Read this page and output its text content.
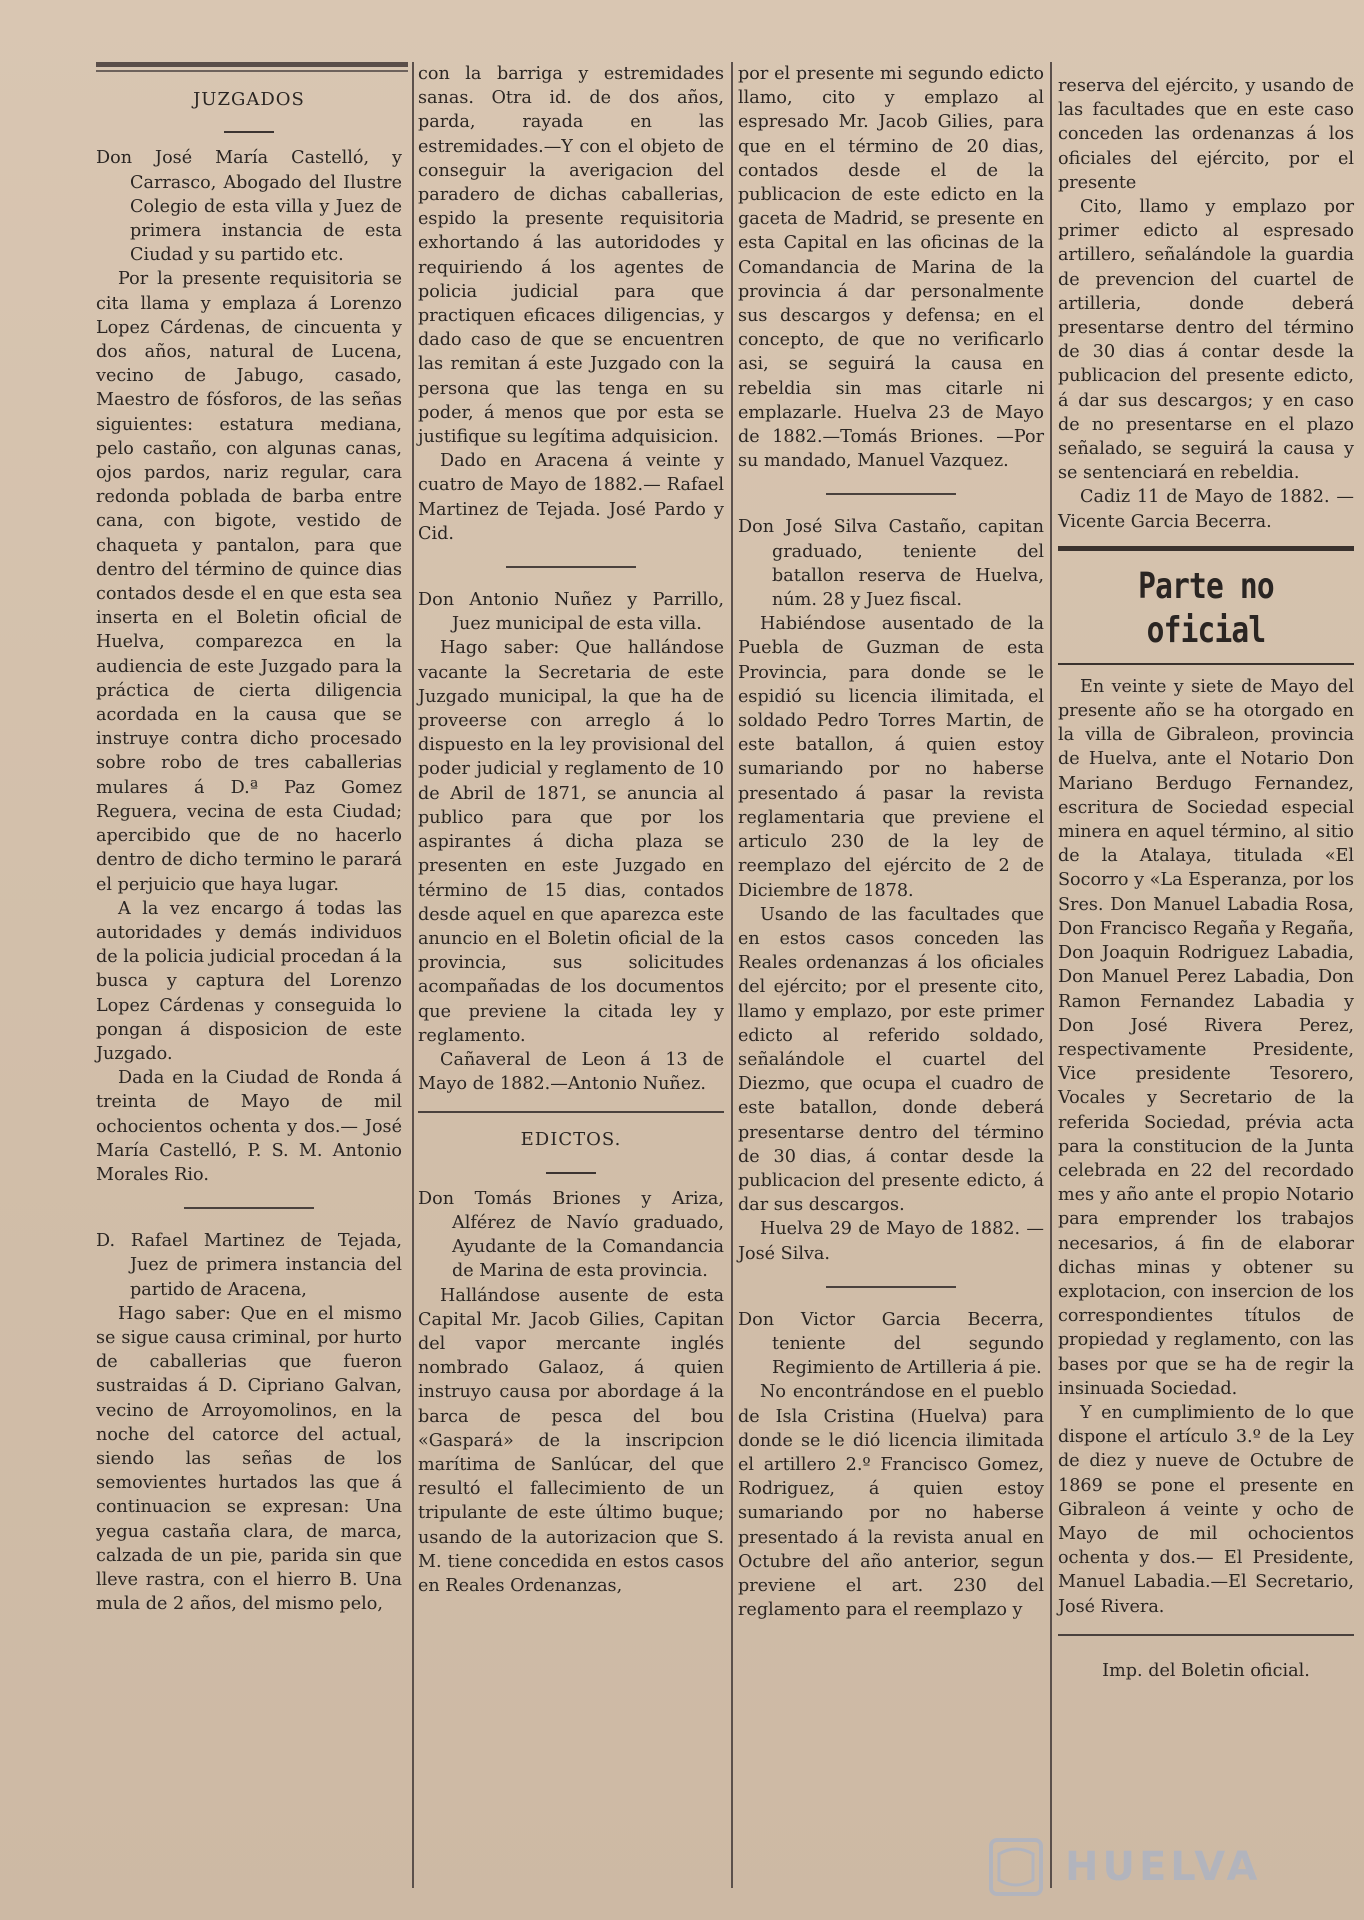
JUZGADOS

Don José María Castelló, y Carrasco, Abogado del Ilustre Colegio de esta villa y Juez de primera instancia de esta Ciudad y su partido etc.

Por la presente requisitoria se cita llama y emplaza á Lorenzo Lopez Cárdenas, de cincuenta y dos años, natural de Lucena, vecino de Jabugo, casado, Maestro de fósforos, de las señas siguientes: estatura mediana, pelo castaño, con algunas canas, ojos pardos, nariz regular, cara redonda poblada de barba entre cana, con bigote, vestido de chaqueta y pantalon, para que dentro del término de quince dias contados desde el en que esta sea inserta en el Boletin oficial de Huelva, comparezca en la audiencia de este Juzgado para la práctica de cierta diligencia acordada en la causa que se instruye contra dicho procesado sobre robo de tres caballerias mulares á D.ª Paz Gomez Reguera, vecina de esta Ciudad; apercibido que de no hacerlo dentro de dicho termino le parará el perjuicio que haya lugar.

A la vez encargo á todas las autoridades y demás individuos de la policia judicial procedan á la busca y captura del Lorenzo Lopez Cárdenas y conseguida lo pongan á disposicion de este Juzgado.

Dada en la Ciudad de Ronda á treinta de Mayo de mil ochocientos ochenta y dos.— José María Castelló, P. S. M. Antonio Morales Rio.

D. Rafael Martinez de Tejada, Juez de primera instancia del partido de Aracena,

Hago saber: Que en el mismo se sigue causa criminal, por hurto de caballerias que fueron sustraidas á D. Cipriano Galvan, vecino de Arroyomolinos, en la noche del catorce del actual, siendo las señas de los semovientes hurtados las que á continuacion se expresan: Una yegua castaña clara, de marca, calzada de un pie, parida sin que lleve rastra, con el hierro B. Una mula de 2 años, del mismo pelo,

con la barriga y estremidades sanas. Otra id. de dos años, parda, rayada en las estremidades.—Y con el objeto de conseguir la averigacion del paradero de dichas caballerias, espido la presente requisitoria exhortando á las autoridodes y requiriendo á los agentes de policia judicial para que practiquen eficaces diligencias, y dado caso de que se encuentren las remitan á este Juzgado con la persona que las tenga en su poder, á menos que por esta se justifique su legítima adquisicion.

Dado en Aracena á veinte y cuatro de Mayo de 1882.— Rafael Martinez de Tejada. José Pardo y Cid.

Don Antonio Nuñez y Parrillo, Juez municipal de esta villa.

Hago saber: Que hallándose vacante la Secretaria de este Juzgado municipal, la que ha de proveerse con arreglo á lo dispuesto en la ley provisional del poder judicial y reglamento de 10 de Abril de 1871, se anuncia al publico para que por los aspirantes á dicha plaza se presenten en este Juzgado en término de 15 dias, contados desde aquel en que aparezca este anuncio en el Boletin oficial de la provincia, sus solicitudes acompañadas de los documentos que previene la citada ley y reglamento.

Cañaveral de Leon á 13 de Mayo de 1882.—Antonio Nuñez.

EDICTOS.

Don Tomás Briones y Ariza, Alférez de Navío graduado, Ayudante de la Comandancia de Marina de esta provincia.

Hallándose ausente de esta Capital Mr. Jacob Gilies, Capitan del vapor mercante inglés nombrado Galaoz, á quien instruyo causa por abordage á la barca de pesca del bou «Gaspará» de la inscripcion marítima de Sanlúcar, del que resultó el fallecimiento de un tripulante de este último buque; usando de la autorizacion que S. M. tiene concedida en estos casos en Reales Ordenanzas,

por el presente mi segundo edicto llamo, cito y emplazo al espresado Mr. Jacob Gilies, para que en el término de 20 dias, contados desde el de la publicacion de este edicto en la gaceta de Madrid, se presente en esta Capital en las oficinas de la Comandancia de Marina de la provincia á dar personalmente sus descargos y defensa; en el concepto, de que no verificarlo asi, se seguirá la causa en rebeldia sin mas citarle ni emplazarle. Huelva 23 de Mayo de 1882.—Tomás Briones. —Por su mandado, Manuel Vazquez.

Don José Silva Castaño, capitan graduado, teniente del batallon reserva de Huelva, núm. 28 y Juez fiscal.

Habiéndose ausentado de la Puebla de Guzman de esta Provincia, para donde se le espidió su licencia ilimitada, el soldado Pedro Torres Martin, de este batallon, á quien estoy sumariando por no haberse presentado á pasar la revista reglamentaria que previene el articulo 230 de la ley de reemplazo del ejército de 2 de Diciembre de 1878.

Usando de las facultades que en estos casos conceden las Reales ordenanzas á los oficiales del ejército; por el presente cito, llamo y emplazo, por este primer edicto al referido soldado, señalándole el cuartel del Diezmo, que ocupa el cuadro de este batallon, donde deberá presentarse dentro del término de 30 dias, á contar desde la publicacion del presente edicto, á dar sus descargos.

Huelva 29 de Mayo de 1882. —José Silva.

Don Victor Garcia Becerra, teniente del segundo Regimiento de Artilleria á pie.

No encontrándose en el pueblo de Isla Cristina (Huelva) para donde se le dió licencia ilimitada el artillero 2.º Francisco Gomez, Rodriguez, á quien estoy sumariando por no haberse presentado á la revista anual en Octubre del año anterior, segun previene el art. 230 del reglamento para el reemplazo y

reserva del ejército, y usando de las facultades que en este caso conceden las ordenanzas á los oficiales del ejército, por el presente

Cito, llamo y emplazo por primer edicto al espresado artillero, señalándole la guardia de prevencion del cuartel de artilleria, donde deberá presentarse dentro del término de 30 dias á contar desde la publicacion del presente edicto, á dar sus descargos; y en caso de no presentarse en el plazo señalado, se seguirá la causa y se sentenciará en rebeldia.

Cadiz 11 de Mayo de 1882. —Vicente Garcia Becerra.

Parte no oficial

En veinte y siete de Mayo del presente año se ha otorgado en la villa de Gibraleon, provincia de Huelva, ante el Notario Don Mariano Berdugo Fernandez, escritura de Sociedad especial minera en aquel término, al sitio de la Atalaya, titulada «El Socorro y «La Esperanza, por los Sres. Don Manuel Labadia Rosa, Don Francisco Regaña y Regaña, Don Joaquin Rodriguez Labadia, Don Manuel Perez Labadia, Don Ramon Fernandez Labadia y Don José Rivera Perez, respectivamente Presidente, Vice presidente Tesorero, Vocales y Secretario de la referida Sociedad, prévia acta para la constitucion de la Junta celebrada en 22 del recordado mes y año ante el propio Notario para emprender los trabajos necesarios, á fin de elaborar dichas minas y obtener su explotacion, con insercion de los correspondientes títulos de propiedad y reglamento, con las bases por que se ha de regir la insinuada Sociedad.

Y en cumplimiento de lo que dispone el artículo 3.º de la Ley de diez y nueve de Octubre de 1869 se pone el presente en Gibraleon á veinte y ocho de Mayo de mil ochocientos ochenta y dos.— El Presidente, Manuel Labadia.—El Secretario, José Rivera.

Imp. del Boletin oficial.
HUELVA
